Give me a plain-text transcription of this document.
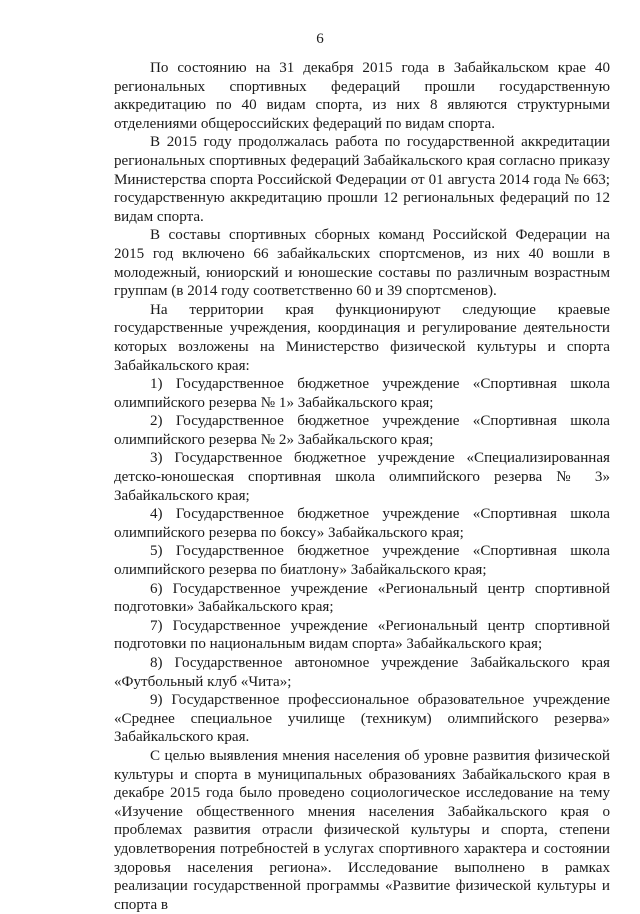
6

По состоянию на 31 декабря 2015 года в Забайкальском крае 40 региональных спортивных федераций прошли государственную аккредитацию по 40 видам спорта, из них 8 являются структурными отделениями общероссийских федераций по видам спорта.

В 2015 году продолжалась работа по государственной аккредитации региональных спортивных федераций Забайкальского края согласно приказу Министерства спорта Российской Федерации от 01 августа 2014 года № 663; государственную аккредитацию прошли 12 региональных федераций по 12 видам спорта.

В составы спортивных сборных команд Российской Федерации на 2015 год включено 66 забайкальских спортсменов, из них 40 вошли в молодежный, юниорский и юношеские составы по различным возрастным группам (в 2014 году соответственно 60 и 39 спортсменов).

На территории края функционируют следующие краевые государственные учреждения, координация и регулирование деятельности которых возложены на Министерство физической культуры и спорта Забайкальского края:

1) Государственное бюджетное учреждение «Спортивная школа олимпийского резерва № 1» Забайкальского края;

2) Государственное бюджетное учреждение «Спортивная школа олимпийского резерва № 2» Забайкальского края;

3) Государственное бюджетное учреждение «Специализированная детско-юношеская спортивная школа олимпийского резерва № 3» Забайкальского края;

4) Государственное бюджетное учреждение «Спортивная школа олимпийского резерва по боксу» Забайкальского края;

5) Государственное бюджетное учреждение «Спортивная школа олимпийского резерва по биатлону» Забайкальского края;

6) Государственное учреждение «Региональный центр спортивной подготовки» Забайкальского края;

7) Государственное учреждение «Региональный центр спортивной подготовки по национальным видам спорта» Забайкальского края;

8) Государственное автономное учреждение Забайкальского края «Футбольный клуб «Чита»;

9) Государственное профессиональное образовательное учреждение «Среднее специальное училище (техникум) олимпийского резерва» Забайкальского края.

С целью выявления мнения населения об уровне развития физической культуры и спорта в муниципальных образованиях Забайкальского края в декабре 2015 года было проведено социологическое исследование на тему «Изучение общественного мнения населения Забайкальского края о проблемах развития отрасли физической культуры и спорта, степени удовлетворения потребностей в услугах спортивного характера и состоянии здоровья населения региона». Исследование выполнено в рамках реализации государственной программы «Развитие физической культуры и спорта в
